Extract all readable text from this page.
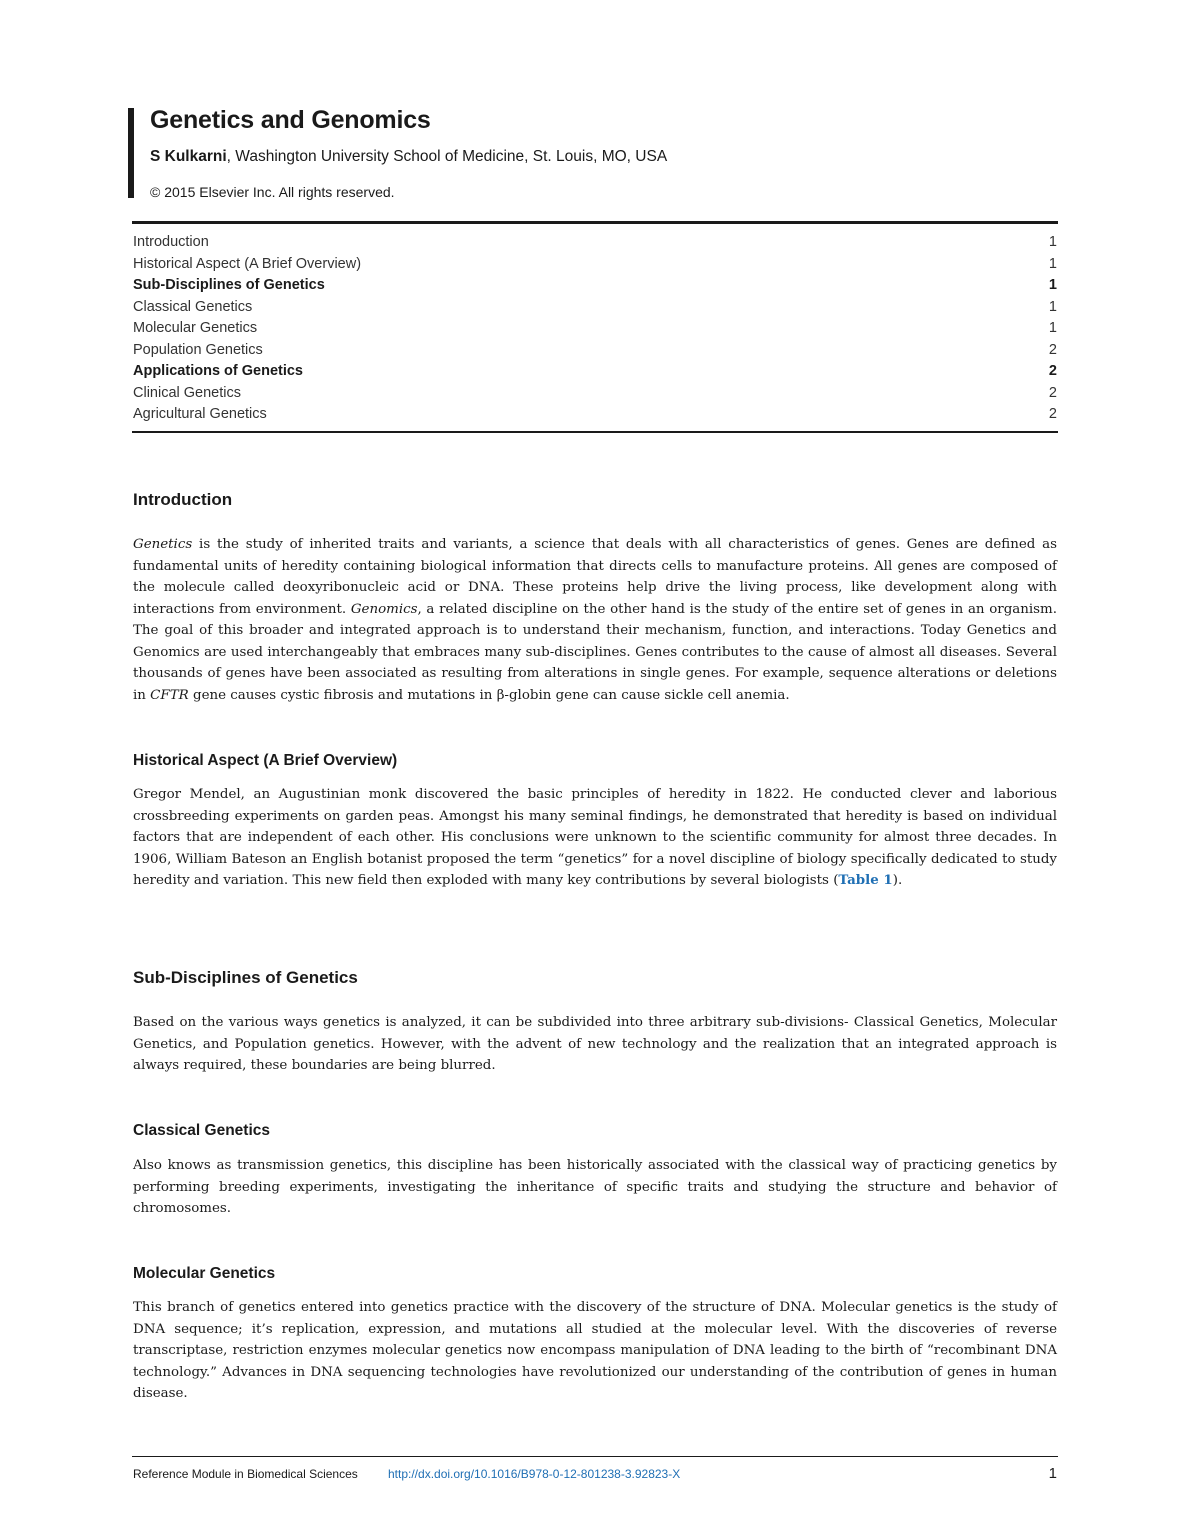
Genetics and Genomics
S Kulkarni, Washington University School of Medicine, St. Louis, MO, USA
© 2015 Elsevier Inc. All rights reserved.
Introduction	1
Historical Aspect (A Brief Overview)	1
Sub-Disciplines of Genetics	1
Classical Genetics	1
Molecular Genetics	1
Population Genetics	2
Applications of Genetics	2
Clinical Genetics	2
Agricultural Genetics	2
Introduction

Genetics is the study of inherited traits and variants, a science that deals with all characteristics of genes. Genes are defined as fundamental units of heredity containing biological information that directs cells to manufacture proteins. All genes are composed of the molecule called deoxyribonucleic acid or DNA. These proteins help drive the living process, like development along with interactions from environment. Genomics, a related discipline on the other hand is the study of the entire set of genes in an organism. The goal of this broader and integrated approach is to understand their mechanism, function, and interactions. Today Genetics and Genomics are used interchangeably that embraces many sub-disciplines. Genes contributes to the cause of almost all diseases. Several thousands of genes have been associated as resulting from alterations in single genes. For example, sequence alterations or deletions in CFTR gene causes cystic fibrosis and mutations in β-globin gene can cause sickle cell anemia.

Historical Aspect (A Brief Overview)

Gregor Mendel, an Augustinian monk discovered the basic principles of heredity in 1822. He conducted clever and laborious crossbreeding experiments on garden peas. Amongst his many seminal findings, he demonstrated that heredity is based on individual factors that are independent of each other. His conclusions were unknown to the scientific community for almost three decades. In 1906, William Bateson an English botanist proposed the term “genetics” for a novel discipline of biology specifically dedicated to study heredity and variation. This new field then exploded with many key contributions by several biologists (Table 1).

Sub-Disciplines of Genetics

Based on the various ways genetics is analyzed, it can be subdivided into three arbitrary sub-divisions- Classical Genetics, Molecular Genetics, and Population genetics. However, with the advent of new technology and the realization that an integrated approach is always required, these boundaries are being blurred.

Classical Genetics

Also knows as transmission genetics, this discipline has been historically associated with the classical way of practicing genetics by performing breeding experiments, investigating the inheritance of specific traits and studying the structure and behavior of chromosomes.

Molecular Genetics

This branch of genetics entered into genetics practice with the discovery of the structure of DNA. Molecular genetics is the study of DNA sequence; it’s replication, expression, and mutations all studied at the molecular level. With the discoveries of reverse transcriptase, restriction enzymes molecular genetics now encompass manipulation of DNA leading to the birth of “recombinant DNA technology.” Advances in DNA sequencing technologies have revolutionized our understanding of the contribution of genes in human disease.

Reference Module in Biomedical Sciences	http://dx.doi.org/10.1016/B978-0-12-801238-3.92823-X	1
